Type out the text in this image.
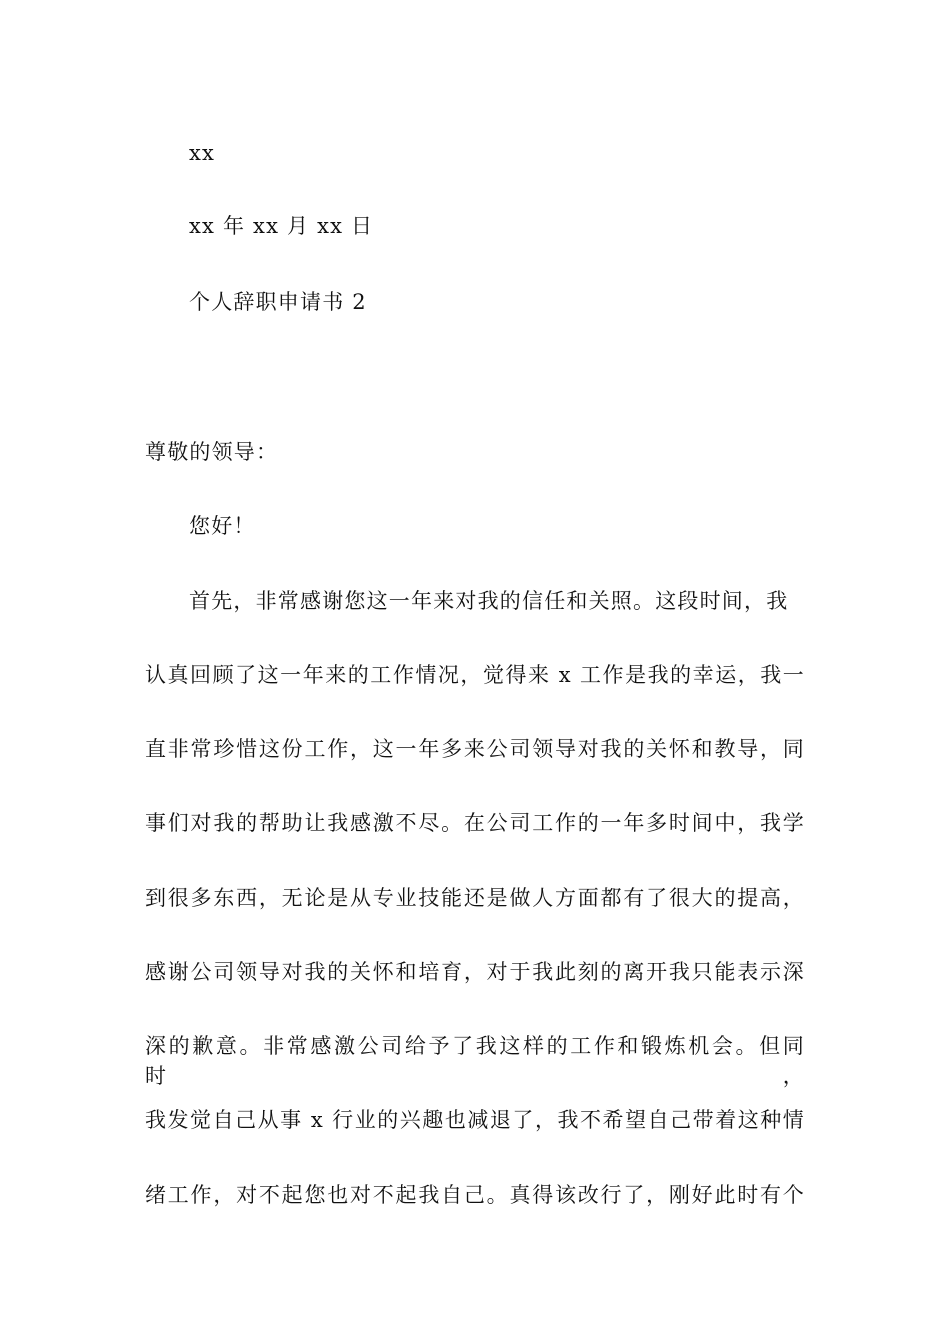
xx
xx 年 xx 月 xx 日
个人辞职申请书 2
尊敬的领导：
您好！
首先，非常感谢您这一年来对我的信任和关照。这段时间，我
认真回顾了这一年来的工作情况，觉得来 x 工作是我的幸运，我一
直非常珍惜这份工作，这一年多来公司领导对我的关怀和教导，同
事们对我的帮助让我感激不尽。在公司工作的一年多时间中，我学
到很多东西，无论是从专业技能还是做人方面都有了很大的提高，
感谢公司领导对我的关怀和培育，对于我此刻的离开我只能表示深
深的歉意。非常感激公司给予了我这样的工作和锻炼机会。但同时，
我发觉自己从事 x 行业的兴趣也减退了，我不希望自己带着这种情
绪工作，对不起您也对不起我自己。真得该改行了，刚好此时有个
